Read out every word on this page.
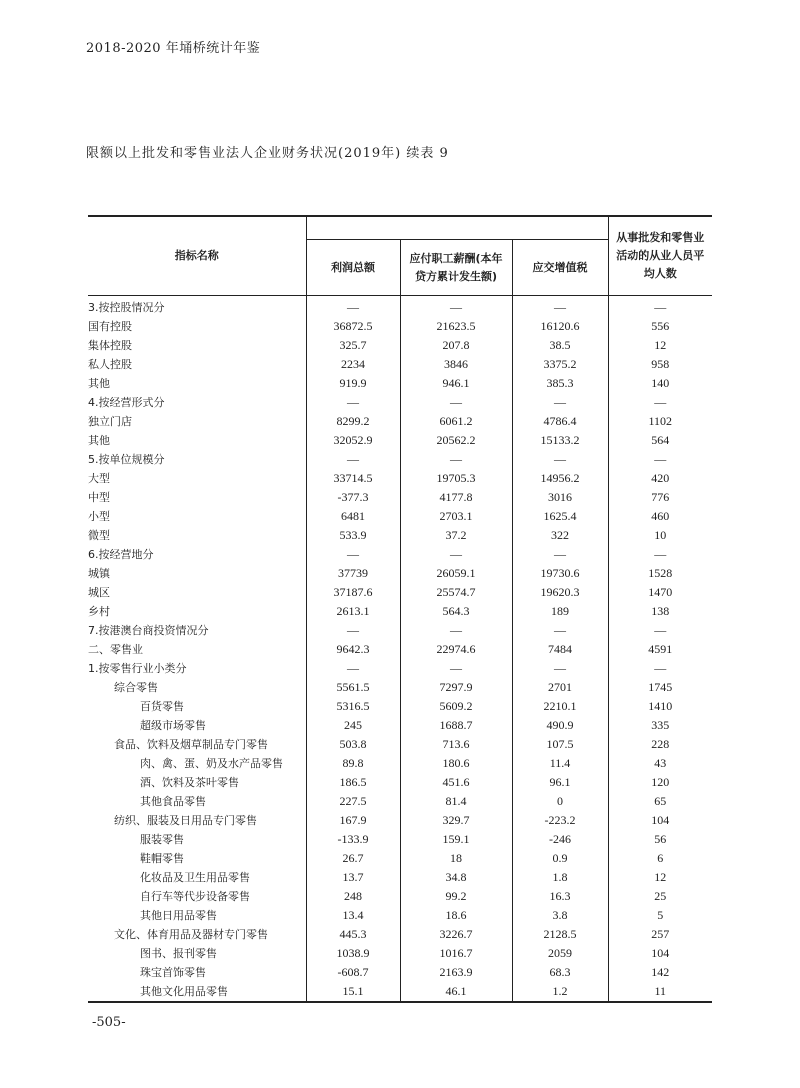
2018-2020 年埇桥统计年鉴
限额以上批发和零售业法人企业财务状况(2019年) 续表 9
指标名称				从事批发和零售业活动的从业人员平均人数
	利润总额	应付职工薪酬(本年贷方累计发生额)	应交增值税	
3.按控股情况分	—	—	—	—
国有控股	36872.5	21623.5	16120.6	556
集体控股	325.7	207.8	38.5	12
私人控股	2234	3846	3375.2	958
其他	919.9	946.1	385.3	140
4.按经营形式分	—	—	—	—
独立门店	8299.2	6061.2	4786.4	1102
其他	32052.9	20562.2	15133.2	564
5.按单位规模分	—	—	—	—
大型	33714.5	19705.3	14956.2	420
中型	-377.3	4177.8	3016	776
小型	6481	2703.1	1625.4	460
微型	533.9	37.2	322	10
6.按经营地分	—	—	—	—
城镇	37739	26059.1	19730.6	1528
城区	37187.6	25574.7	19620.3	1470
乡村	2613.1	564.3	189	138
7.按港澳台商投资情况分	—	—	—	—
二、零售业	9642.3	22974.6	7484	4591
1.按零售行业小类分	—	—	—	—
综合零售	5561.5	7297.9	2701	1745
百货零售	5316.5	5609.2	2210.1	1410
超级市场零售	245	1688.7	490.9	335
食品、饮料及烟草制品专门零售	503.8	713.6	107.5	228
肉、禽、蛋、奶及水产品零售	89.8	180.6	11.4	43
酒、饮料及茶叶零售	186.5	451.6	96.1	120
其他食品零售	227.5	81.4	0	65
纺织、服装及日用品专门零售	167.9	329.7	-223.2	104
服装零售	-133.9	159.1	-246	56
鞋帽零售	26.7	18	0.9	6
化妆品及卫生用品零售	13.7	34.8	1.8	12
自行车等代步设备零售	248	99.2	16.3	25
其他日用品零售	13.4	18.6	3.8	5
文化、体育用品及器材专门零售	445.3	3226.7	2128.5	257
图书、报刊零售	1038.9	1016.7	2059	104
珠宝首饰零售	-608.7	2163.9	68.3	142
其他文化用品零售	15.1	46.1	1.2	11
-505-
